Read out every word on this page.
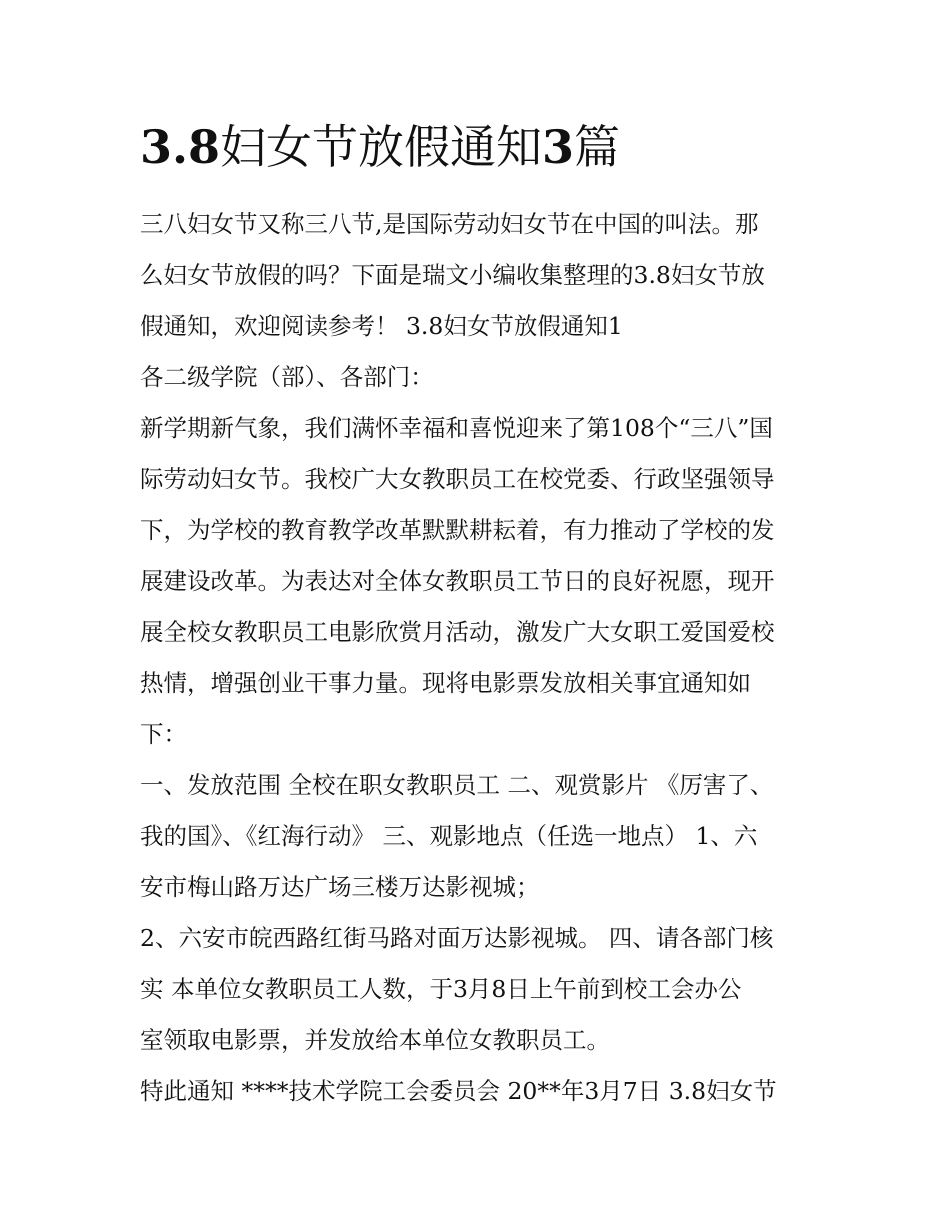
3.8妇女节放假通知3篇

三八妇女节又称三八节,是国际劳动妇女节在中国的叫法。那

么妇女节放假的吗？下面是瑞文小编收集整理的3.8妇女节放

假通知，欢迎阅读参考！ 3.8妇女节放假通知1

各二级学院（部）、各部门：

新学期新气象，我们满怀幸福和喜悦迎来了第108个“三八”国

际劳动妇女节。我校广大女教职员工在校党委、行政坚强领导

下，为学校的教育教学改革默默耕耘着，有力推动了学校的发

展建设改革。为表达对全体女教职员工节日的良好祝愿，现开

展全校女教职员工电影欣赏月活动，激发广大女职工爱国爱校

热情，增强创业干事力量。现将电影票发放相关事宜通知如

下：

一、发放范围 全校在职女教职员工 二、观赏影片 《厉害了、

我的国》、《红海行动》 三、观影地点（任选一地点） 1、六

安市梅山路万达广场三楼万达影视城；

2、六安市皖西路红街马路对面万达影视城。 四、请各部门核

实 本单位女教职员工人数，于3月8日上午前到校工会办公

室领取电影票，并发放给本单位女教职员工。

特此通知 ****技术学院工会委员会 20**年3月7日 3.8妇女节
